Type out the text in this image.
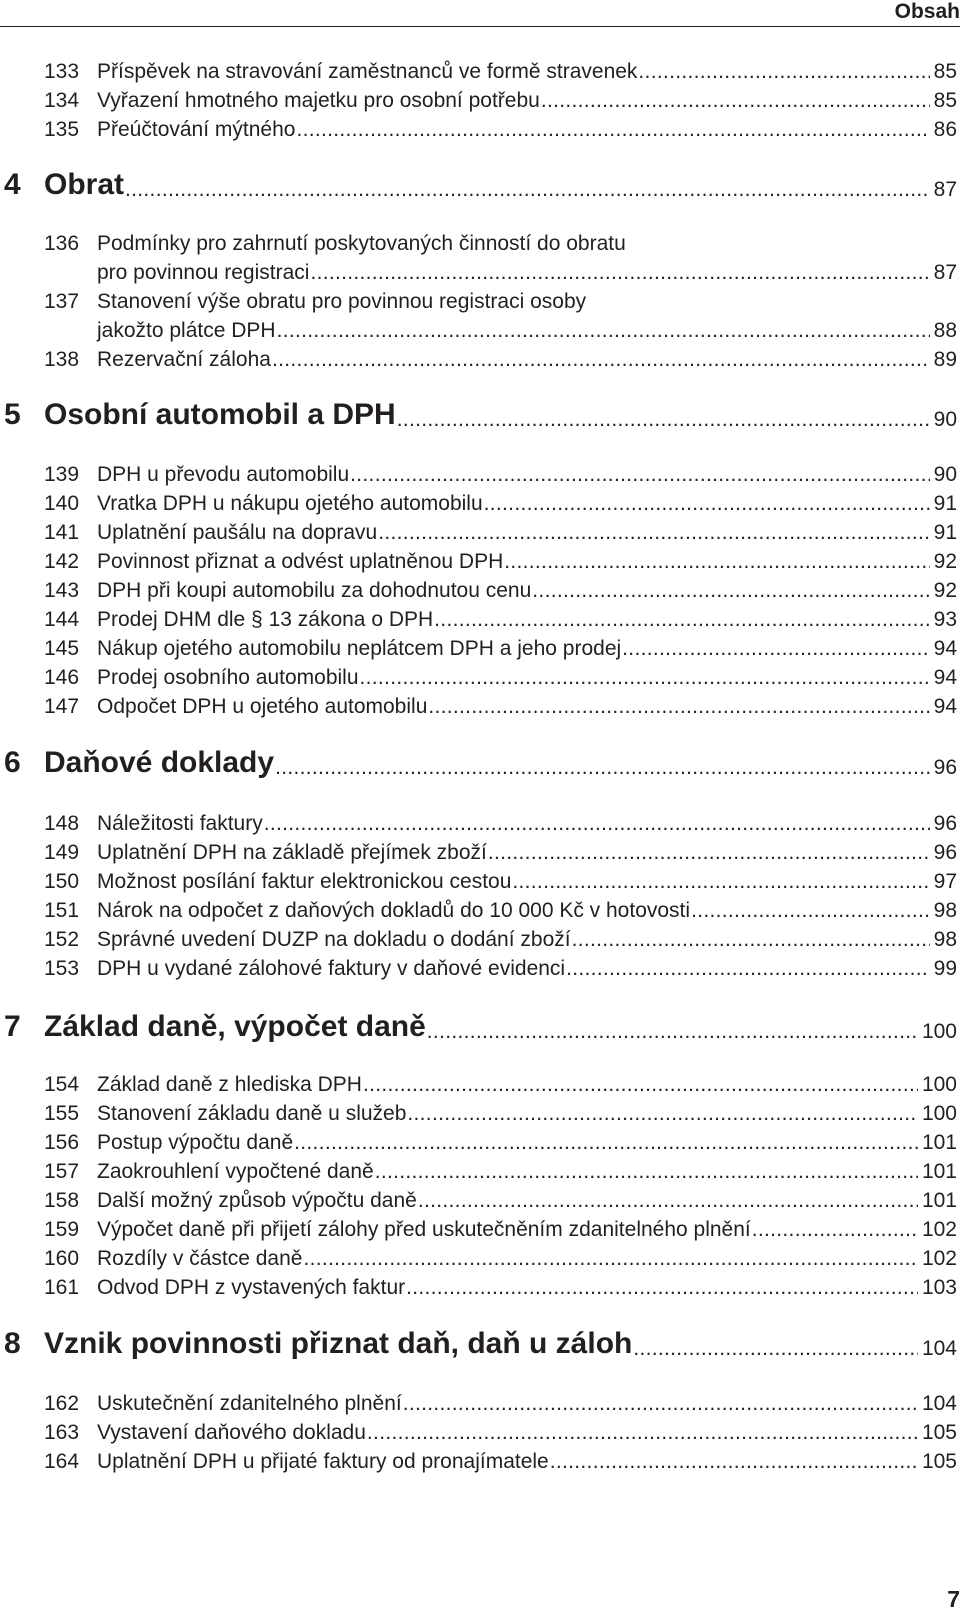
Obsah
133 Příspěvek na stravování zaměstnanců ve formě stravenek .....	85
134 Vyřazení hmotného majetku pro osobní potřebu .....	85
135 Přeúčtování mýtného .....	86
4 Obrat .....	87
136 Podmínky pro zahrnutí poskytovaných činností do obratu
pro povinnou registraci .....	87
137 Stanovení výše obratu pro povinnou registraci osoby
jakožto plátce DPH .....	88
138 Rezervační záloha .....	89
5 Osobní automobil a DPH .....	90
139 DPH u převodu automobilu .....	90
140 Vratka DPH u nákupu ojetého automobilu .....	91
141 Uplatnění paušálu na dopravu .....	91
142 Povinnost přiznat a odvést uplatněnou DPH .....	92
143 DPH při koupi automobilu za dohodnutou cenu .....	92
144 Prodej DHM dle § 13 zákona o DPH .....	93
145 Nákup ojetého automobilu neplátcem DPH a jeho prodej .....	94
146 Prodej osobního automobilu .....	94
147 Odpočet DPH u ojetého automobilu .....	94
6 Daňové doklady .....	96
148 Náležitosti faktury .....	96
149 Uplatnění DPH na základě přejímek zboží .....	96
150 Možnost posílání faktur elektronickou cestou .....	97
151 Nárok na odpočet z daňových dokladů do 10 000 Kč v hotovosti .....	98
152 Správné uvedení DUZP na dokladu o dodání zboží .....	98
153 DPH u vydané zálohové faktury v daňové evidenci .....	99
7 Základ daně, výpočet daně .....	100
154 Základ daně z hlediska DPH .....	100
155 Stanovení základu daně u služeb .....	100
156 Postup výpočtu daně .....	101
157 Zaokrouhlení vypočtené daně .....	101
158 Další možný způsob výpočtu daně .....	101
159 Výpočet daně při přijetí zálohy před uskutečněním zdanitelného plnění .....	102
160 Rozdíly v částce daně .....	102
161 Odvod DPH z vystavených faktur .....	103
8 Vznik povinnosti přiznat daň, daň u záloh .....	104
162 Uskutečnění zdanitelného plnění .....	104
163 Vystavení daňového dokladu .....	105
164 Uplatnění DPH u přijaté faktury od pronajímatele .....	105
7
